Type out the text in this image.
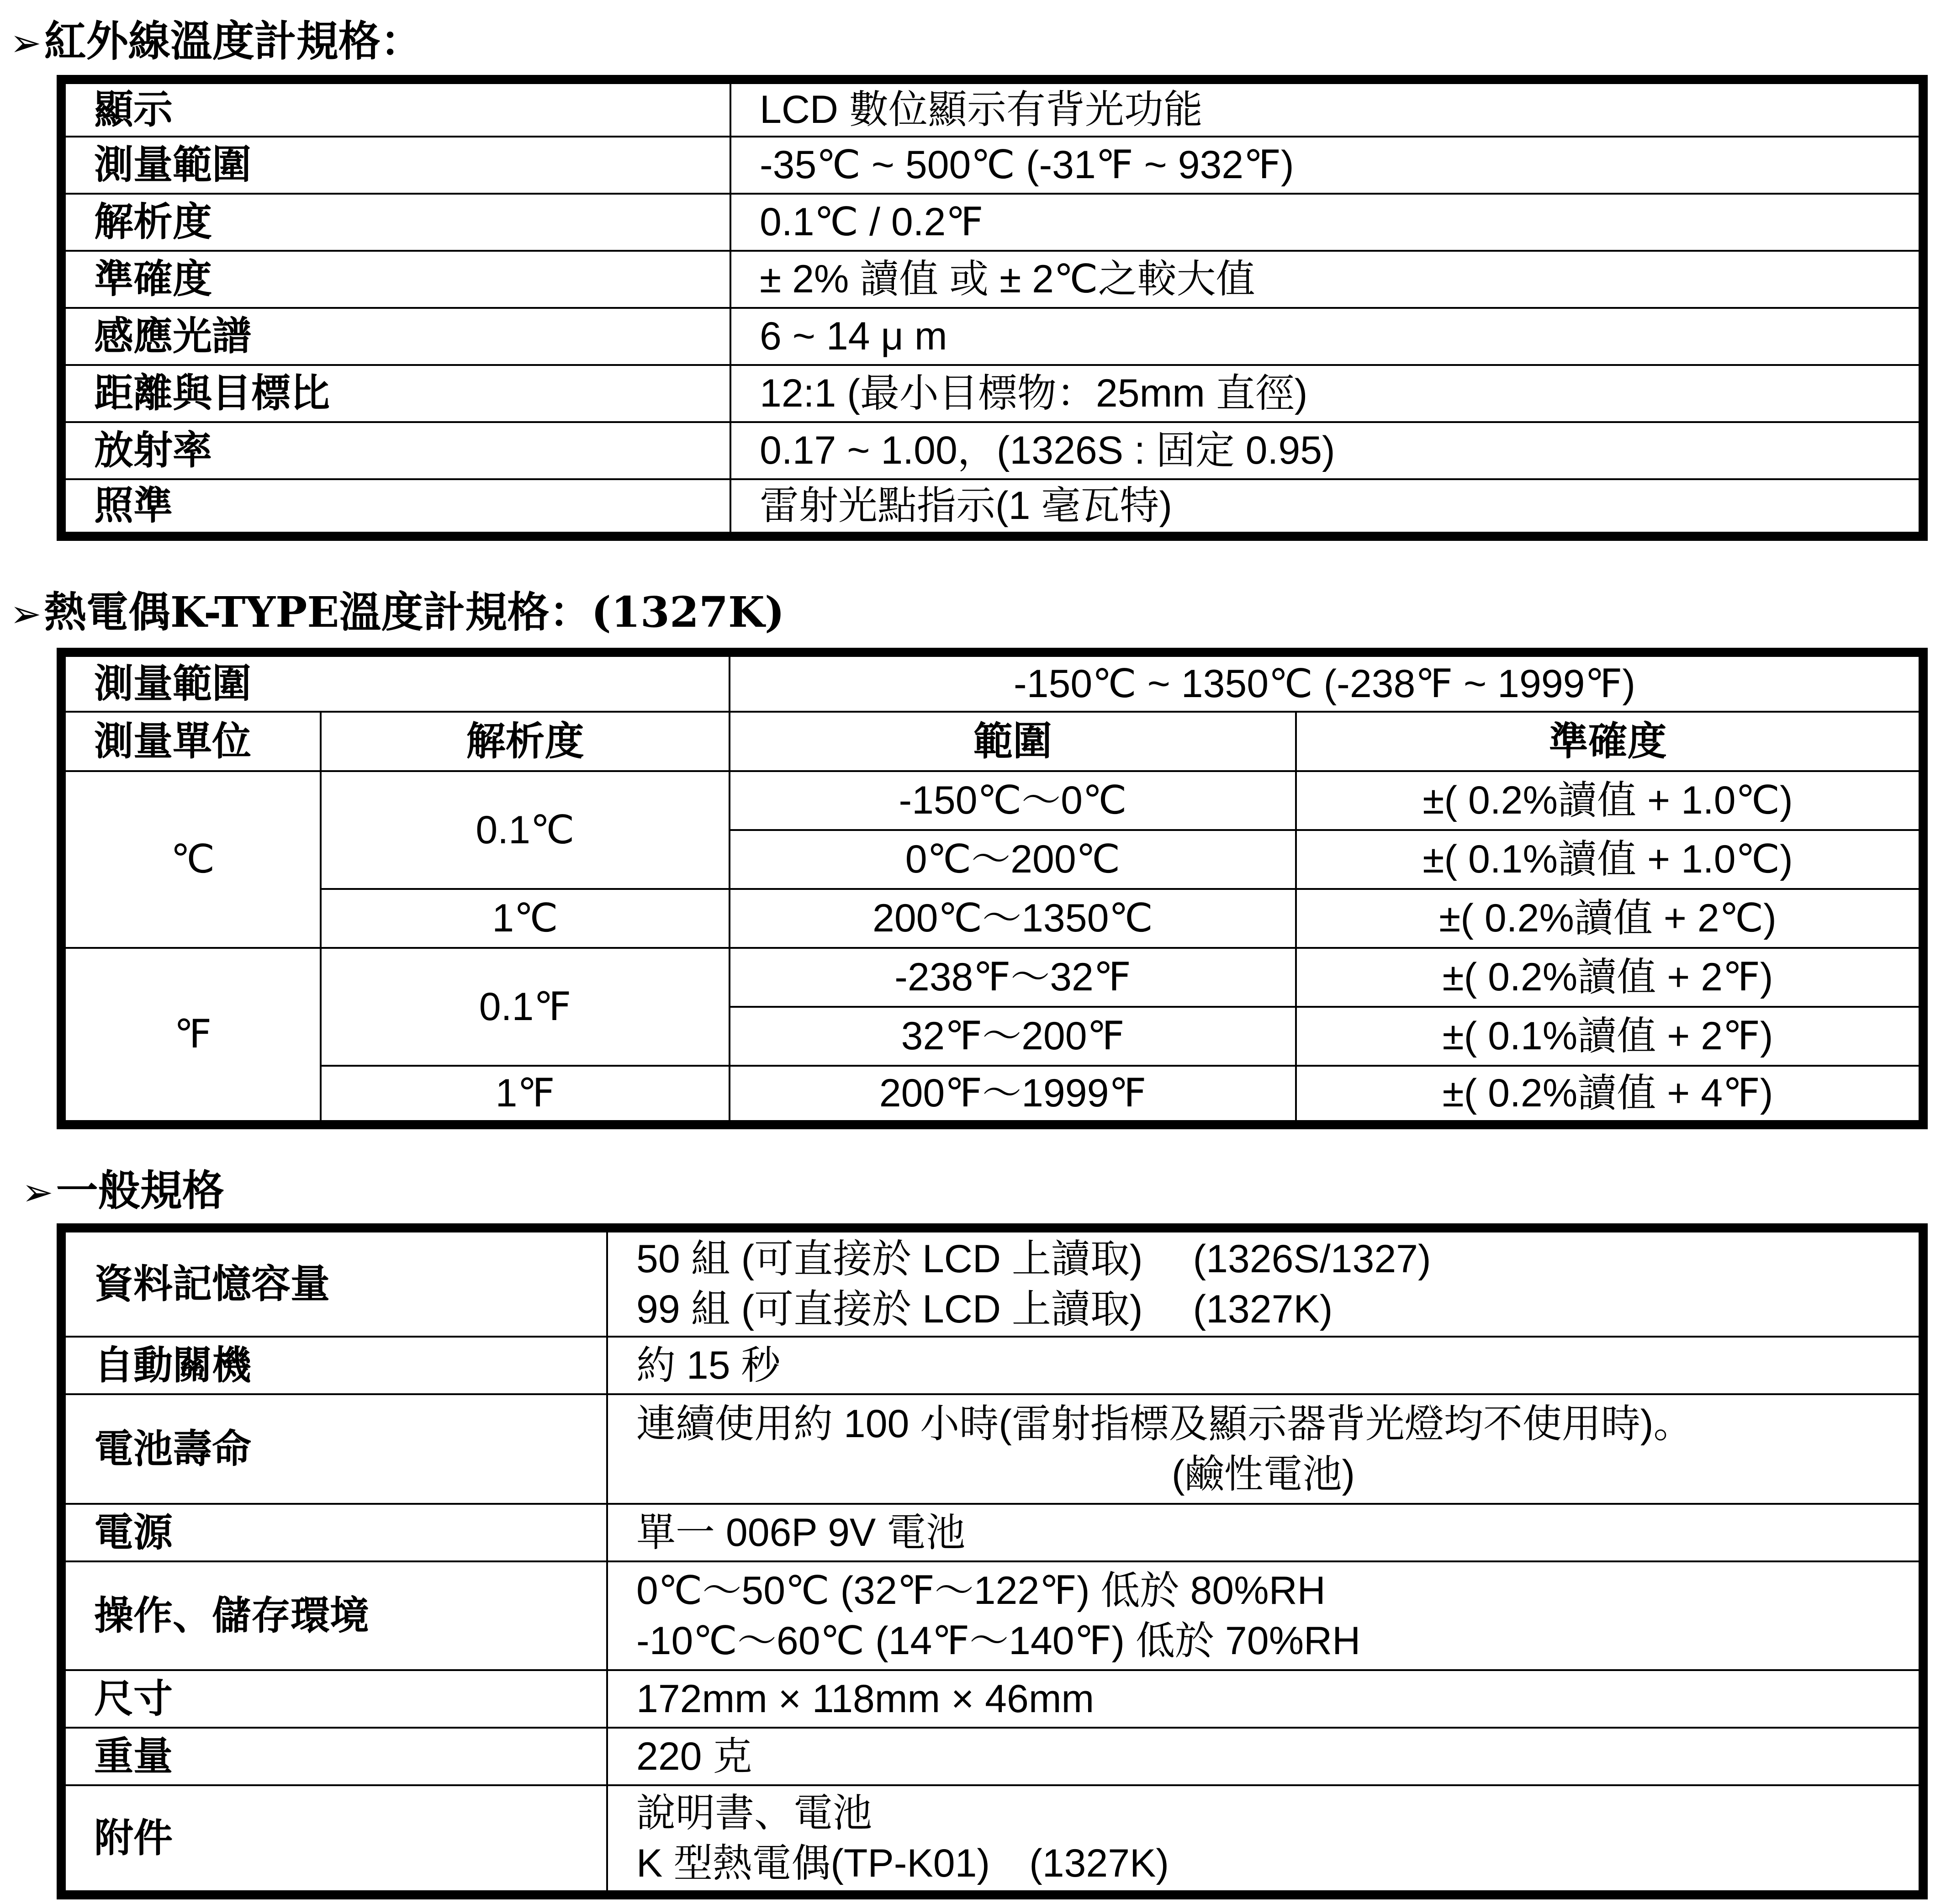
➢紅外線溫度計規格：
顯示	LCD 數位顯示有背光功能
測量範圍	-35℃ ~ 500℃ (-31℉ ~ 932℉)
解析度	0.1℃ / 0.2℉
準確度	± 2% 讀值 或 ± 2℃之較大值
感應光譜	6 ~ 14 μ m
距離與目標比	12:1 (最小目標物：25mm 直徑)
放射率	0.17 ~ 1.00，(1326S : 固定 0.95)
照準	雷射光點指示(1 毫瓦特)
➢熱電偶K-TYPE溫度計規格：(1327K)
測量範圍		-150℃ ~ 1350℃ (-238℉ ~ 1999℉)	
測量單位	解析度	範圍	準確度
℃	0.1℃	-150℃～0℃	±( 0.2%讀值 + 1.0℃)
		0℃～200℃	±( 0.1%讀值 + 1.0℃)
	1℃	200℃～1350℃	±( 0.2%讀值 + 2℃)
℉	0.1℉	-238℉～32℉	±( 0.2%讀值 + 2℉)
		32℉～200℉	±( 0.1%讀值 + 2℉)
	1℉	200℉～1999℉	±( 0.2%讀值 + 4℉)
➢一般規格
資料記憶容量	50 組 (可直接於 LCD 上讀取)　 (1326S/1327)
99 組 (可直接於 LCD 上讀取)　 (1327K)

自動關機	約 15 秒
電池壽命	連續使用約 100 小時(雷射指標及顯示器背光燈均不使用時)。
(鹼性電池)

電源	單一 006P 9V 電池
操作、儲存環境	0℃～50℃ (32℉～122℉) 低於 80%RH
-10℃～60℃ (14℉～140℉) 低於 70%RH

尺寸	172mm × 118mm × 46mm
重量	220 克
附件	說明書、電池
K 型熱電偶(TP-K01)　(1327K)
